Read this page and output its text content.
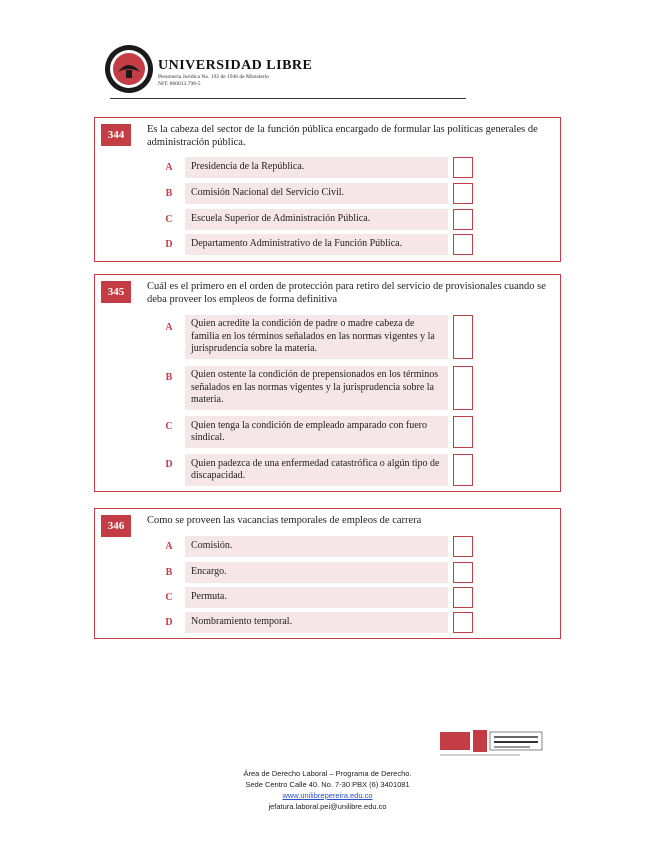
UNIVERSIDAD LIBRE
Personería Jurídica No. 192 de 1946 de Ministerio
NIT: 860013.798-5
344	Es la cabeza del sector de la función pública encargado de formular las políticas generales de administración pública.
A	Presidencia de la República.
B	Comisión Nacional del Servicio Civil.
C	Escuela Superior de Administración Pública.
D	Departamento Administrativo de la Función Pública.
345	Cuál es el primero en el orden de protección para retiro del servicio de provisionales cuando se deba proveer los empleos de forma definitiva
A	Quien acredite la condición de padre o madre cabeza de familia en los términos señalados en las normas vigentes y la jurisprudencia sobre la materia.
B	Quien ostente la condición de prepensionados en los términos señalados en las normas vigentes y la jurisprudencia sobre la materia.
C	Quien tenga la condición de empleado amparado con fuero sindical.
D	Quien padezca de una enfermedad catastrófica o algún tipo de discapacidad.
346	Como se proveen las vacancias temporales de empleos de carrera
A	Comisión.
B	Encargo.
C	Permuta.
D	Nombramiento temporal.
Área de Derecho Laboral – Programa de Derecho.
Sede Centro Calle 40. No. 7-30 PBX (6) 3401081
www.unilibrepereira.edu.co
jefatura.laboral.pei@unilibre.edu.co
